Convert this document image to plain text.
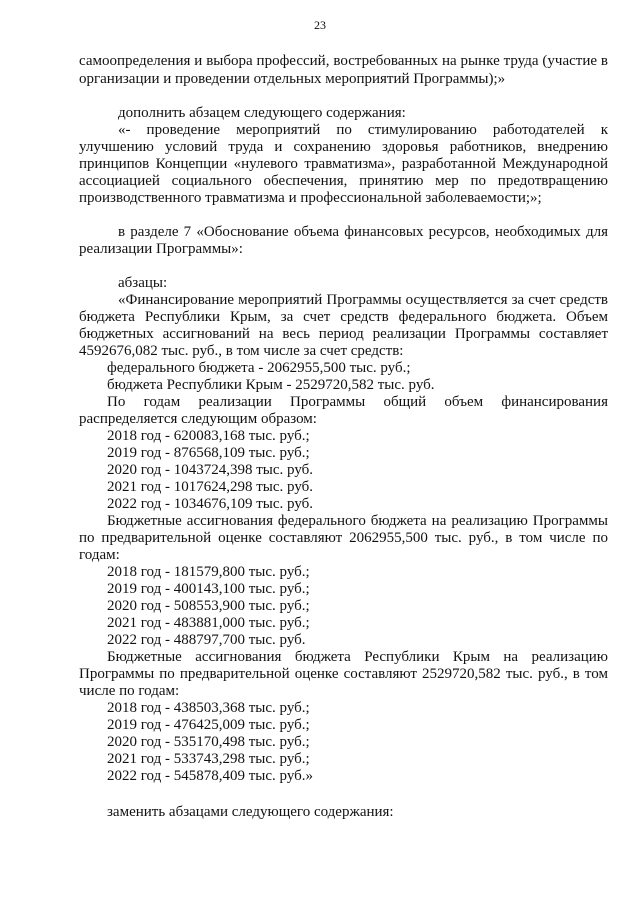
23
самоопределения и выбора профессий, востребованных на рынке труда (участие в
организации и проведении отдельных мероприятий Программы);»
дополнить абзацем следующего содержания:
«- проведение мероприятий по стимулированию работодателей к
улучшению условий труда и сохранению здоровья работников, внедрению
принципов Концепции «нулевого травматизма», разработанной Международной
ассоциацией социального обеспечения, принятию мер по предотвращению
производственного травматизма и профессиональной заболеваемости;»;
в разделе 7 «Обоснование объема финансовых ресурсов, необходимых для
реализации Программы»:
абзацы:
«Финансирование мероприятий Программы осуществляется за счет средств
бюджета Республики Крым, за счет средств федерального бюджета. Объем
бюджетных ассигнований на весь период реализации Программы составляет
4592676,082 тыс. руб., в том числе за счет средств:
федерального бюджета - 2062955,500 тыс. руб.;
бюджета Республики Крым - 2529720,582 тыс. руб.
По годам реализации Программы общий объем финансирования
распределяется следующим образом:
2018 год - 620083,168 тыс. руб.;
2019 год - 876568,109 тыс. руб.;
2020 год - 1043724,398 тыс. руб.
2021 год - 1017624,298 тыс. руб.
2022 год - 1034676,109 тыс. руб.
Бюджетные ассигнования федерального бюджета на реализацию Программы
по предварительной оценке составляют 2062955,500 тыс. руб., в том числе по
годам:
2018 год - 181579,800 тыс. руб.;
2019 год - 400143,100 тыс. руб.;
2020 год - 508553,900 тыс. руб.;
2021 год - 483881,000 тыс. руб.;
2022 год - 488797,700 тыс. руб.
Бюджетные ассигнования бюджета Республики Крым на реализацию
Программы по предварительной оценке составляют 2529720,582 тыс. руб., в том
числе по годам:
2018 год - 438503,368 тыс. руб.;
2019 год - 476425,009 тыс. руб.;
2020 год - 535170,498 тыс. руб.;
2021 год - 533743,298 тыс. руб.;
2022 год - 545878,409 тыс. руб.»
заменить абзацами следующего содержания:
